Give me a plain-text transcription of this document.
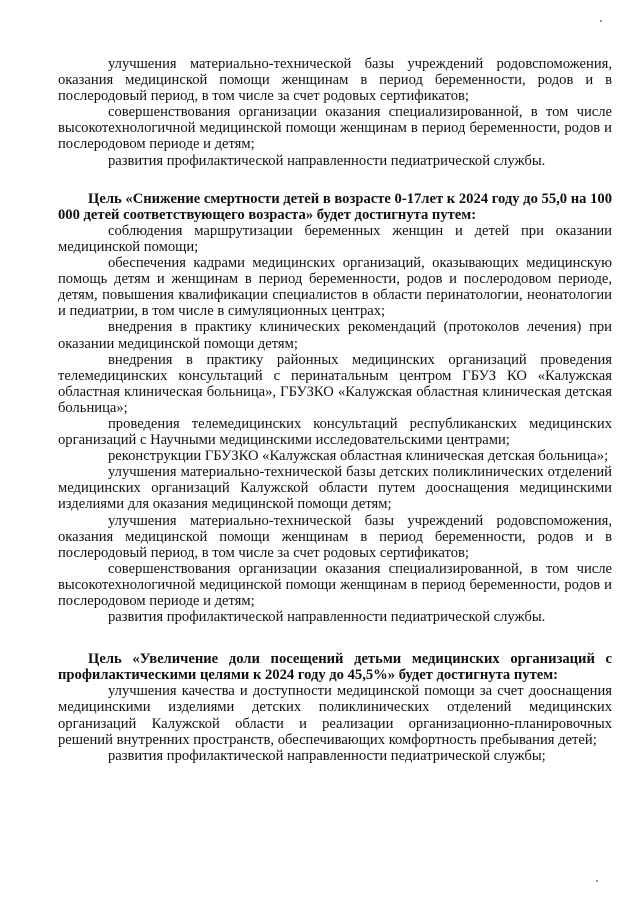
улучшения материально-технической базы учреждений родовспоможения, оказания медицинской помощи женщинам в период беременности, родов и в послеродовый период, в том числе за счет родовых сертификатов;

совершенствования организации оказания специализированной, в том числе высокотехнологичной медицинской помощи женщинам в период беременности, родов и послеродовом периоде и детям;

развития профилактической направленности педиатрической службы.

Цель «Снижение смертности детей в возрасте 0-17лет к 2024 году до 55,0 на 100 000 детей соответствующего возраста» будет достигнута путем:

соблюдения маршрутизации беременных женщин и детей при оказании медицинской помощи;

обеспечения кадрами медицинских организаций, оказывающих медицинскую помощь детям и женщинам в период беременности, родов и послеродовом периоде, детям, повышения квалификации специалистов в области перинатологии, неонатологии и педиатрии, в том числе в симуляционных центрах;

внедрения в практику клинических рекомендаций (протоколов лечения) при оказании медицинской помощи детям;

внедрения в практику районных медицинских организаций проведения телемедицинских консультаций с перинатальным центром ГБУЗ КО «Калужская областная клиническая больница», ГБУЗКО «Калужская областная клиническая детская больница»;

проведения телемедицинских консультаций республиканских медицинских организаций с Научными медицинскими исследовательскими центрами;

реконструкции ГБУЗКО «Калужская областная клиническая детская больница»;

улучшения материально-технической базы детских поликлинических отделений медицинских организаций Калужской области путем дооснащения медицинскими изделиями для оказания медицинской помощи детям;

улучшения материально-технической базы учреждений родовспоможения, оказания медицинской помощи женщинам в период беременности, родов и в послеродовый период, в том числе за счет родовых сертификатов;

совершенствования организации оказания специализированной, в том числе высокотехнологичной медицинской помощи женщинам в период беременности, родов и послеродовом периоде и детям;

развития профилактической направленности педиатрической службы.

Цель «Увеличение доли посещений детьми медицинских организаций с профилактическими целями к 2024 году до 45,5%» будет достигнута путем:

улучшения качества и доступности медицинской помощи за счет дооснащения медицинскими изделиями детских поликлинических отделений медицинских организаций Калужской области и реализации организационно-планировочных решений внутренних пространств, обеспечивающих комфортность пребывания детей;

развития профилактической направленности педиатрической службы;
